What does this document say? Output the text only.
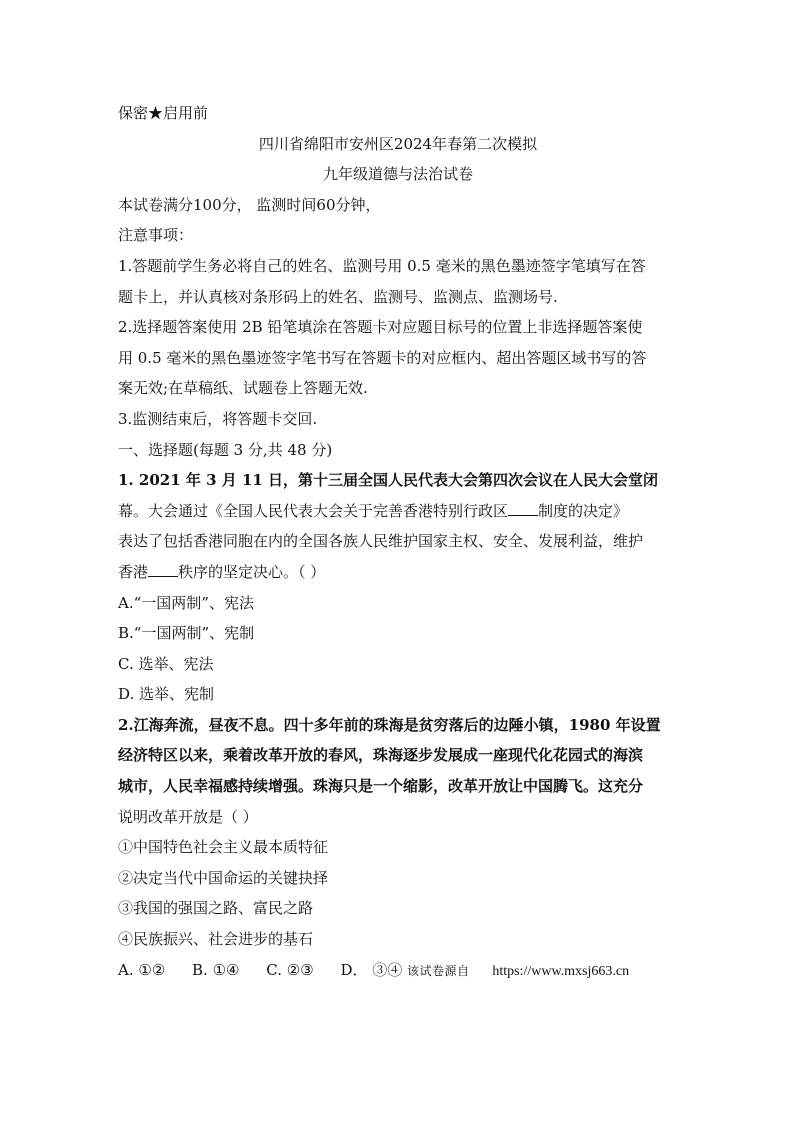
保密★启用前
四川省绵阳市安州区2024年春第二次模拟
九年级道德与法治试卷
本试卷满分100分， 监测时间60分钟，
注意事项：
1.答题前学生务必将自己的姓名、监测号用 0.5 毫米的黑色墨迹签字笔填写在答
题卡上，并认真核对条形码上的姓名、监测号、监测点、监测场号.
2.选择题答案使用 2B 铅笔填涂在答题卡对应题目标号的位置上非选择题答案使
用 0.5 毫米的黑色墨迹签字笔书写在答题卡的对应框内、超出答题区域书写的答
案无效;在草稿纸、试题卷上答题无效.
3.监测结束后，将答题卡交回.
一、选择题(每题 3 分,共 48 分)
1. 2021 年 3 月 11 日，第十三届全国人民代表大会第四次会议在人民大会堂闭
幕。大会通过《全国人民代表大会关于完善香港特别行政区 制度的决定》
表达了包括香港同胞在内的全国各族人民维护国家主权、安全、发展利益，维护
香港 秩序的坚定决心。（ ）
A.“一国两制”、宪法
B.“一国两制”、宪制
C. 选举、宪法
D. 选举、宪制
2.江海奔流，昼夜不息。四十多年前的珠海是贫穷落后的边陲小镇，1980 年设置
经济特区以来，乘着改革开放的春风，珠海逐步发展成一座现代化花园式的海滨
城市，人民幸福感持续增强。珠海只是一个缩影，改革开放让中国腾飞。这充分
说明改革开放是（ ）
①中国特色社会主义最本质特征
②决定当代中国命运的关键抉择
③我国的强国之路、富民之路
④民族振兴、社会进步的基石
A. ①② B. ①④ C. ②③ D． ③④ 该试卷源自 https://www.mxsj663.cn
